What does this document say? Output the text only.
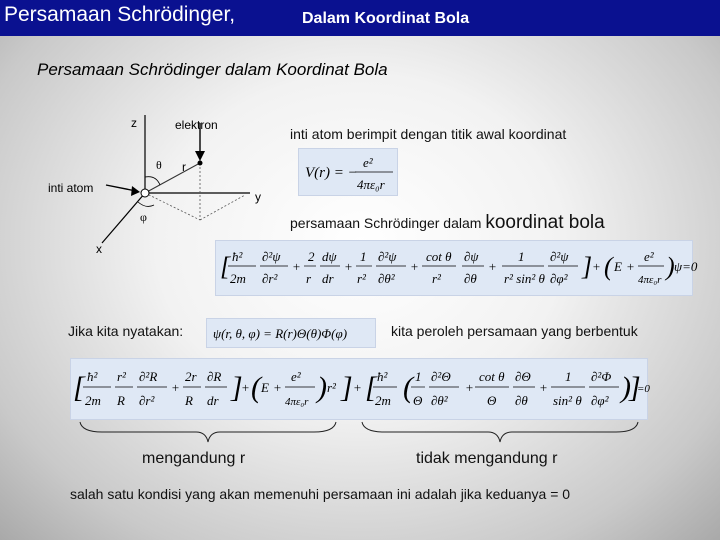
Persamaan Schrödinger,	Dalam Koordinat Bola
Persamaan Schrödinger dalam Koordinat Bola
z	elektron
θ r
inti atom
y
φ
x
inti atom berimpit dengan titik awal koordinat
V(r) = −
e²
4πε₀r
persamaan Schrödinger dalam koordinat bola
[ ħ²
2m
∂²ψ
∂r²
+
2
r
dψ
dr
+
1
r²
∂²ψ
∂θ²
+
cot θ
r²
∂ψ
∂θ
+
1
r² sin² θ
∂²ψ
∂φ² ] + ( E +
e²
4πε₀r ) ψ=0
Jika kita nyatakan: ψ(r, θ, φ) = R(r)Θ(θ)Φ(φ)	kita peroleh persamaan yang berbentuk
[ ħ²
2m
r²
R
∂²R
∂r²
+
2r
R
∂R
dr ]
+ ( E +
e²
4πε₀r ) r² ] + [ ħ²
2m ( 1
Θ
∂²Θ
∂θ²
+
cot θ
Θ
∂Θ
∂θ
+
1
sin² θ
∂²Φ
∂φ² )
]
=0
mengandung r	tidak mengandung r
salah satu kondisi yang akan memenuhi persamaan ini adalah jika keduanya = 0
